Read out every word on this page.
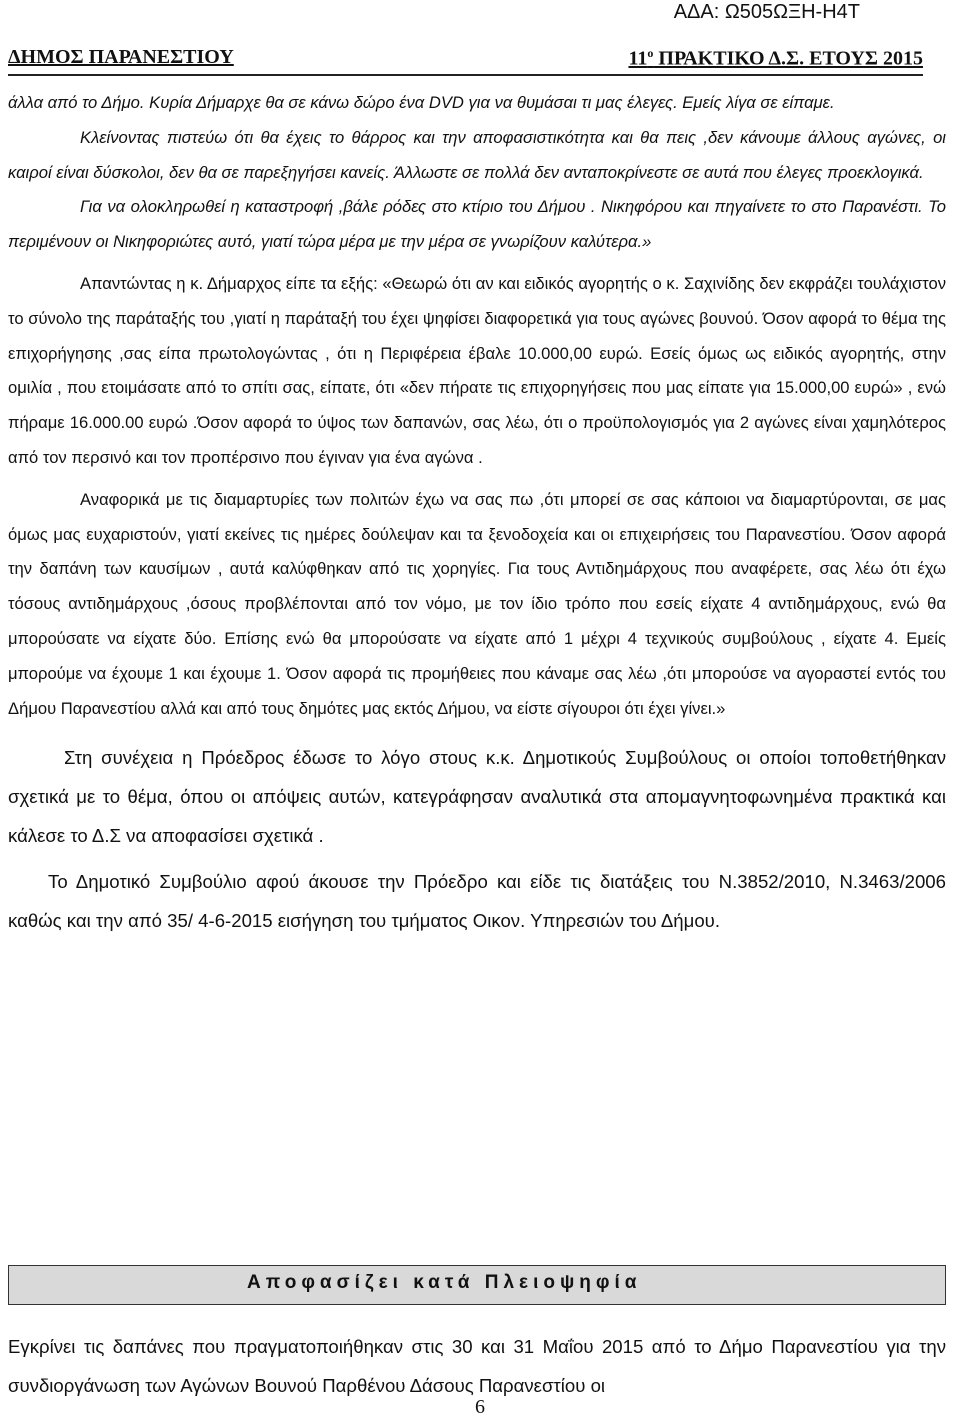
ΑΔΑ: Ω505ΩΞΗ-Η4Τ
ΔΗΜΟΣ ΠΑΡΑΝΕΣΤΙΟΥ	$11^o$ ΠΡΑΚΤΙΚΟ Δ.Σ. ΕΤΟΥΣ 2015

άλλα από το Δήμο. Κυρία Δήμαρχε θα σε κάνω δώρο ένα DVD για να θυμάσαι τι μας έλεγες. Εμείς λίγα σε είπαμε.

Κλείνοντας πιστεύω ότι θα έχεις το θάρρος και την αποφασιστικότητα και θα πεις ,δεν κάνουμε άλλους αγώνες, οι καιροί είναι δύσκολοι, δεν θα σε παρεξηγήσει κανείς. Άλλωστε σε πολλά δεν ανταποκρίνεστε σε αυτά που έλεγες προεκλογικά.

Για να ολοκληρωθεί η καταστροφή ,βάλε ρόδες στο κτίριο του Δήμου . Νικηφόρου και πηγαίνετε το στο Παρανέστι. Το περιμένουν οι Νικηφοριώτες αυτό, γιατί τώρα μέρα με την μέρα σε γνωρίζουν καλύτερα.»

Απαντώντας η κ. Δήμαρχος είπε τα εξής: «Θεωρώ ότι αν και ειδικός αγορητής ο κ. Σαχινίδης δεν εκφράζει τουλάχιστον το σύνολο της παράταξής του ,γιατί η παράταξή του έχει ψηφίσει διαφορετικά για τους αγώνες βουνού. Όσον αφορά το θέμα της επιχορήγησης ,σας είπα πρωτολογώντας , ότι η Περιφέρεια έβαλε 10.000,00 ευρώ. Εσείς όμως ως ειδικός αγορητής, στην ομιλία , που ετοιμάσατε από το σπίτι σας, είπατε, ότι «δεν πήρατε τις επιχορηγήσεις που μας είπατε για 15.000,00 ευρώ» , ενώ πήραμε 16.000.00 ευρώ .Όσον αφορά το ύψος των δαπανών, σας λέω, ότι ο προϋπολογισμός για 2 αγώνες είναι χαμηλότερος από τον περσινό και τον προπέρσινο που έγιναν για ένα αγώνα .

Αναφορικά με τις διαμαρτυρίες των πολιτών έχω να σας πω ,ότι μπορεί σε σας κάποιοι να διαμαρτύρονται, σε μας όμως μας ευχαριστούν, γιατί εκείνες τις ημέρες δούλεψαν και τα ξενοδοχεία και οι επιχειρήσεις του Παρανεστίου. Όσον αφορά την δαπάνη των καυσίμων , αυτά καλύφθηκαν από τις χορηγίες. Για τους Αντιδημάρχους που αναφέρετε, σας λέω ότι έχω τόσους αντιδημάρχους ,όσους προβλέπονται από τον νόμο, με τον ίδιο τρόπο που εσείς είχατε 4 αντιδημάρχους, ενώ θα μπορούσατε να είχατε δύο. Επίσης ενώ θα μπορούσατε να είχατε από 1 μέχρι 4 τεχνικούς συμβούλους , είχατε 4. Εμείς μπορούμε να έχουμε 1 και έχουμε 1. Όσον αφορά τις προμήθειες που κάναμε σας λέω ,ότι μπορούσε να αγοραστεί εντός του Δήμου Παρανεστίου αλλά και από τους δημότες μας εκτός Δήμου, να είστε σίγουροι ότι έχει γίνει.»

Στη συνέχεια η Πρόεδρος έδωσε το λόγο στους κ.κ. Δημοτικούς Συμβούλους οι οποίοι τοποθετήθηκαν σχετικά με το θέμα, όπου οι απόψεις αυτών, κατεγράφησαν αναλυτικά στα απομαγνητοφωνημένα πρακτικά και κάλεσε το Δ.Σ να αποφασίσει σχετικά .

Το Δημοτικό Συμβούλιο αφού άκουσε την Πρόεδρο και είδε τις διατάξεις του Ν.3852/2010, Ν.3463/2006 καθώς και την από 35/ 4-6-2015 εισήγηση του τμήματος Οικον. Υπηρεσιών του Δήμου.

Αποφασίζει κατά Πλειοψηφία

Εγκρίνει τις δαπάνες που πραγματοποιήθηκαν στις 30 και 31 Μαΐου 2015 από το Δήμο Παρανεστίου για την συνδιοργάνωση των Αγώνων Βουνού Παρθένου Δάσους Παρανεστίου οι

6
